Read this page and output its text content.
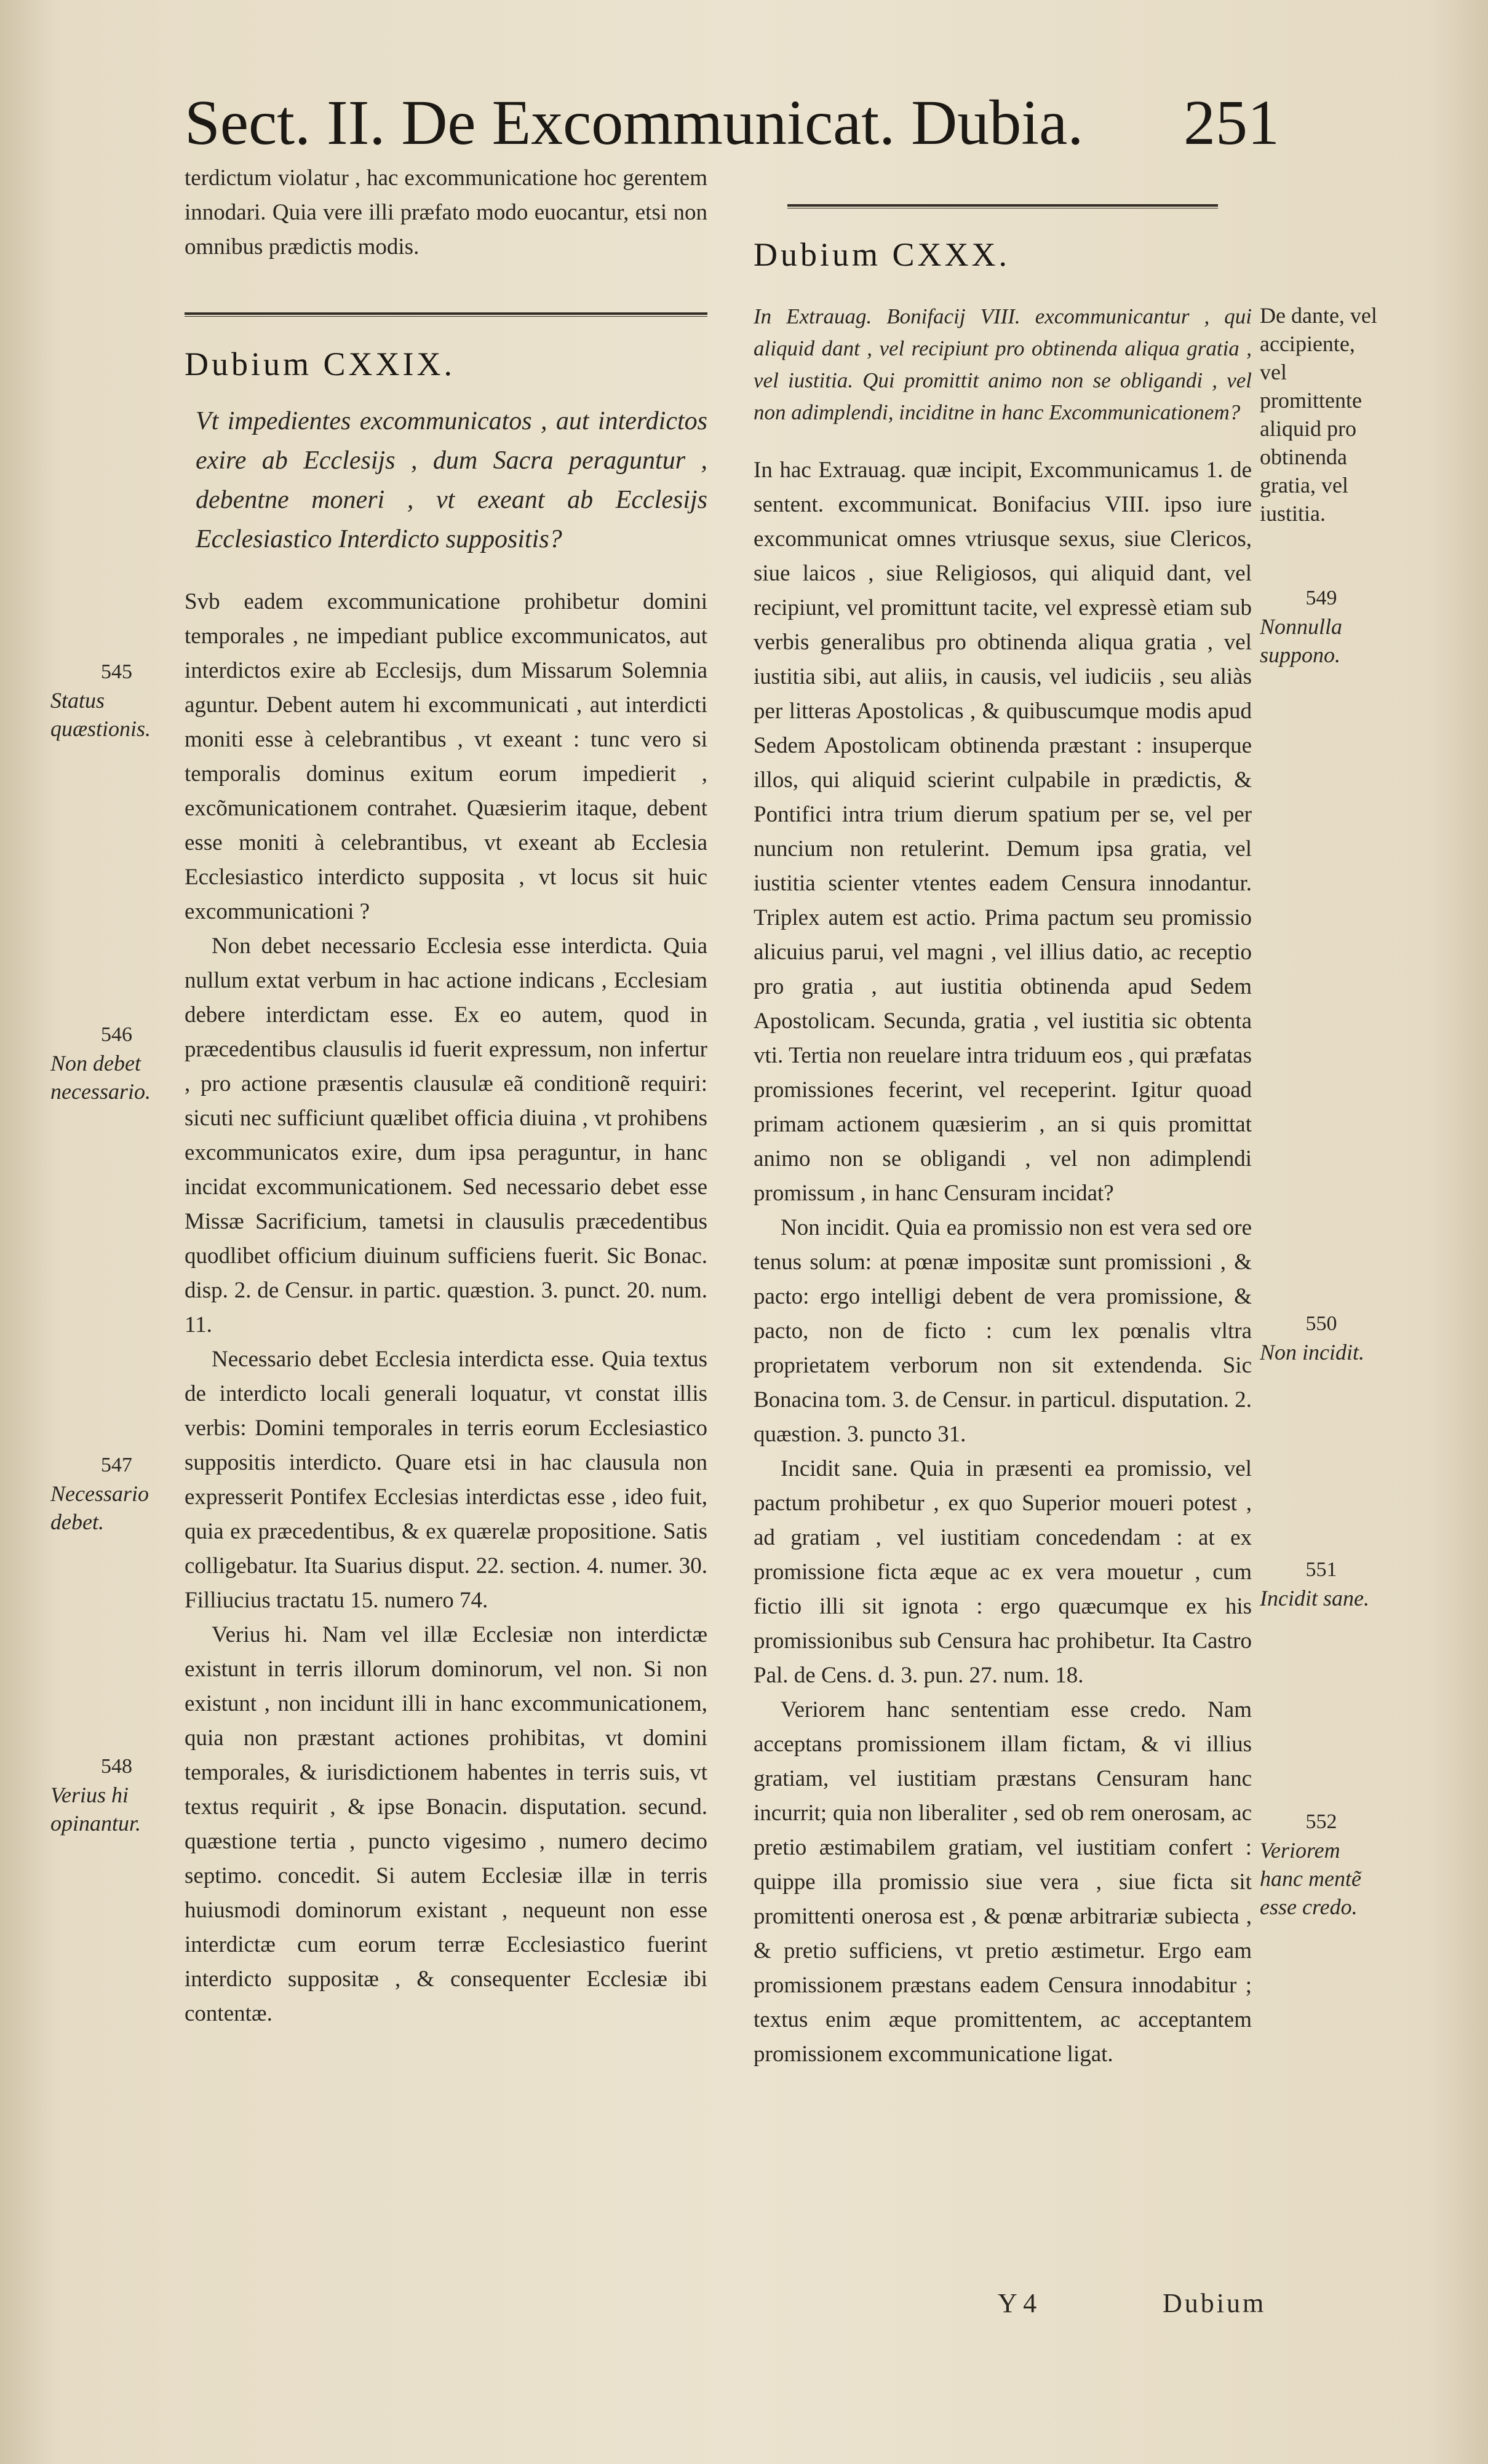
Sect. II. De Excommunicat. Dubia. 251

terdictum violatur , hac excommunicatione hoc gerentem innodari. Quia vere illi præfato modo euocantur, etsi non omnibus prædictis modis.

Dubium CXXIX.

Vt impedientes excommunicatos , aut interdictos exire ab Ecclesijs , dum Sacra peraguntur , debentne moneri , vt exeant ab Ecclesijs Ecclesiastico Interdicto suppositis?

Svb eadem excommunicatione prohibetur domini temporales , ne impediant publice excommunicatos, aut interdictos exire ab Ecclesijs, dum Missarum Solemnia aguntur. Debent autem hi excommunicati , aut interdicti moniti esse à celebrantibus , vt exeant : tunc vero si temporalis dominus exitum eorum impedierit , excõmunicationem contrahet. Quæsierim itaque, debent esse moniti à celebrantibus, vt exeant ab Ecclesia Ecclesiastico interdicto supposita , vt locus sit huic excommunicationi ?

Non debet necessario Ecclesia esse interdicta. Quia nullum extat verbum in hac actione indicans , Ecclesiam debere interdictam esse. Ex eo autem, quod in præcedentibus clausulis id fuerit expressum, non infertur , pro actione præsentis clausulæ eã conditionẽ requiri: sicuti nec sufficiunt quælibet officia diuina , vt prohibens excommunicatos exire, dum ipsa peraguntur, in hanc incidat excommunicationem. Sed necessario debet esse Missæ Sacrificium, tametsi in clausulis præcedentibus quodlibet officium diuinum sufficiens fuerit. Sic Bonac. disp. 2. de Censur. in partic. quæstion. 3. punct. 20. num. 11.

Necessario debet Ecclesia interdicta esse. Quia textus de interdicto locali generali loquatur, vt constat illis verbis: Domini temporales in terris eorum Ecclesiastico suppositis interdicto. Quare etsi in hac clausula non expresserit Pontifex Ecclesias interdictas esse , ideo fuit, quia ex præcedentibus, & ex quærelæ propositione. Satis colligebatur. Ita Suarius disput. 22. section. 4. numer. 30. Filliucius tractatu 15. numero 74.

Verius hi. Nam vel illæ Ecclesiæ non interdictæ existunt in terris illorum dominorum, vel non. Si non existunt , non incidunt illi in hanc excommunicationem, quia non præstant actiones prohibitas, vt domini temporales, & iurisdictionem habentes in terris suis, vt textus requirit , & ipse Bonacin. disputation. secund. quæstione tertia , puncto vigesimo , numero decimo septimo. concedit. Si autem Ecclesiæ illæ in terris huiusmodi dominorum existant , nequeunt non esse interdictæ cum eorum terræ Ecclesiastico fuerint interdicto suppositæ , & consequenter Ecclesiæ ibi contentæ.

545
Status quæstionis.
546
Non debet necessario.
547
Necessario debet.
548
Verius hi opinantur.

Dubium CXXX.

In Extrauag. Bonifacij VIII. excommunicantur , qui aliquid dant , vel recipiunt pro obtinenda aliqua gratia , vel iustitia. Qui promittit animo non se obligandi , vel non adimplendi, inciditne in hanc Excommunicationem?

In hac Extrauag. quæ incipit, Excommunicamus 1. de sentent. excommunicat. Bonifacius VIII. ipso iure excommunicat omnes vtriusque sexus, siue Clericos, siue laicos , siue Religiosos, qui aliquid dant, vel recipiunt, vel promittunt tacite, vel expressè etiam sub verbis generalibus pro obtinenda aliqua gratia , vel iustitia sibi, aut aliis, in causis, vel iudiciis , seu aliàs per litteras Apostolicas , & quibuscumque modis apud Sedem Apostolicam obtinenda præstant : insuperque illos, qui aliquid scierint culpabile in prædictis, & Pontifici intra trium dierum spatium per se, vel per nuncium non retulerint. Demum ipsa gratia, vel iustitia scienter vtentes eadem Censura innodantur. Triplex autem est actio. Prima pactum seu promissio alicuius parui, vel magni , vel illius datio, ac receptio pro gratia , aut iustitia obtinenda apud Sedem Apostolicam. Secunda, gratia , vel iustitia sic obtenta vti. Tertia non reuelare intra triduum eos , qui præfatas promissiones fecerint, vel receperint. Igitur quoad primam actionem quæsierim , an si quis promittat animo non se obligandi , vel non adimplendi promissum , in hanc Censuram incidat?

Non incidit. Quia ea promissio non est vera sed ore tenus solum: at pœnæ impositæ sunt promissioni , & pacto: ergo intelligi debent de vera promissione, & pacto, non de ficto : cum lex pœnalis vltra proprietatem verborum non sit extendenda. Sic Bonacina tom. 3. de Censur. in particul. disputation. 2. quæstion. 3. puncto 31.

Incidit sane. Quia in præsenti ea promissio, vel pactum prohibetur , ex quo Superior moueri potest , ad gratiam , vel iustitiam concedendam : at ex promissione ficta æque ac ex vera mouetur , cum fictio illi sit ignota : ergo quæcumque ex his promissionibus sub Censura hac prohibetur. Ita Castro Pal. de Cens. d. 3. pun. 27. num. 18.

Veriorem hanc sententiam esse credo. Nam acceptans promissionem illam fictam, & vi illius gratiam, vel iustitiam præstans Censuram hanc incurrit; quia non liberaliter , sed ob rem onerosam, ac pretio æstimabilem gratiam, vel iustitiam confert : quippe illa promissio siue vera , siue ficta sit promittenti onerosa est , & pœnæ arbitrariæ subiecta , & pretio sufficiens, vt pretio æstimetur. Ergo eam promissionem præstans eadem Censura innodabitur ; textus enim æque promittentem, ac acceptantem promissionem excommunicatione ligat.

De dante, vel accipiente, vel promittente aliquid pro obtinenda gratia, vel iustitia.
549
Nonnulla suppono.
550
Non incidit.
551
Incidit sane.
552
Veriorem hanc mentẽ esse credo.
Y 4	Dubium
